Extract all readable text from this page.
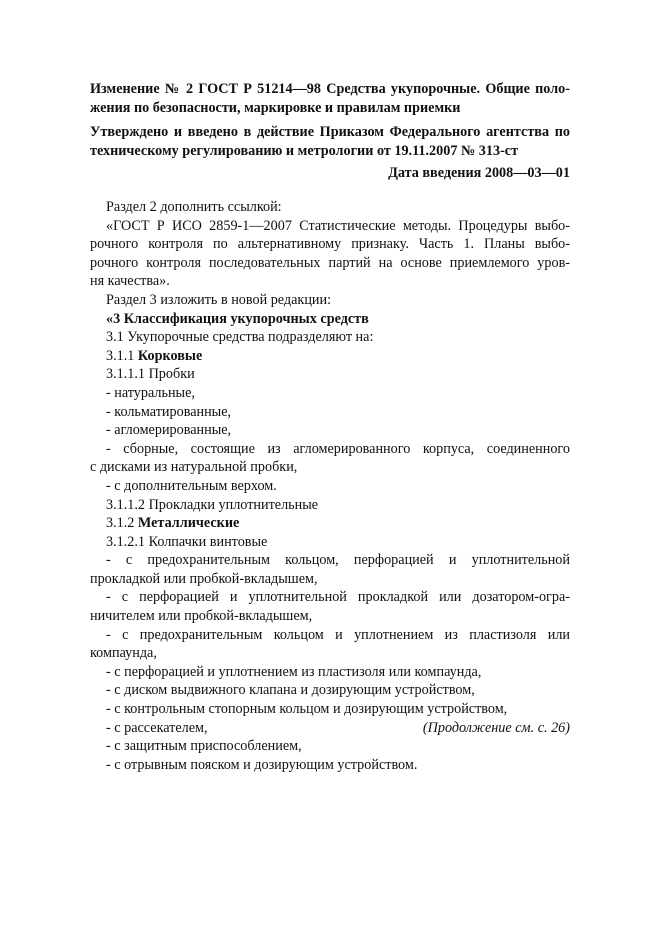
Изменение № 2 ГОСТ Р 51214—98 Средства укупорочные. Общие поло-
жения по безопасности, маркировке и правилам приемки
Утверждено и введено в действие Приказом Федерального агентства по
техническому регулированию и метрологии от 19.11.2007 № 313-ст
Дата введения 2008—03—01
Раздел 2 дополнить ссылкой:
«ГОСТ Р ИСО 2859-1—2007 Статистические методы. Процедуры выбо-
рочного контроля по альтернативному признаку. Часть 1. Планы выбо-
рочного контроля последовательных партий на основе приемлемого уров-
ня качества».
Раздел 3 изложить в новой редакции:
«3 Классификация укупорочных средств
3.1 Укупорочные средства подразделяют на:
3.1.1 Корковые
3.1.1.1 Пробки
- натуральные,
- кольматированные,
- агломерированные,
- сборные, состоящие из агломерированного корпуса, соединенного
с дисками из натуральной пробки,
- с дополнительным верхом.
3.1.1.2 Прокладки уплотнительные
3.1.2 Металлические
3.1.2.1 Колпачки винтовые
- с предохранительным кольцом, перфорацией и уплотнительной
прокладкой или пробкой-вкладышем,
- с перфорацией и уплотнительной прокладкой или дозатором-огра-
ничителем или пробкой-вкладышем,
- с предохранительным кольцом и уплотнением из пластизоля или
компаунда,
- с перфорацией и уплотнением из пластизоля или компаунда,
- с диском выдвижного клапана и дозирующим устройством,
- с контрольным стопорным кольцом и дозирующим устройством,
- с рассекателем,
- с защитным приспособлением,
- с отрывным пояском и дозирующим устройством.
(Продолжение см. с. 26)
